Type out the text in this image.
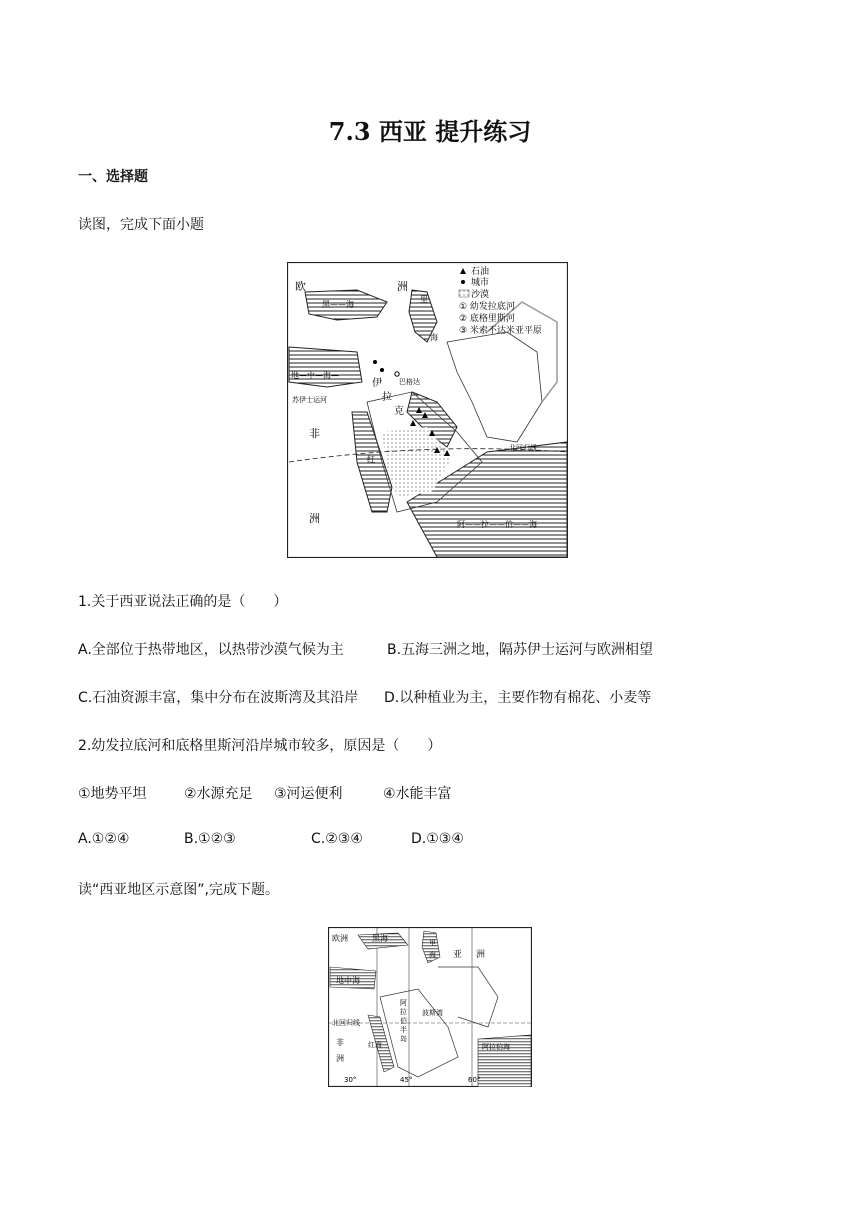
7.3 西亚 提升练习
一、选择题
读图，完成下面小题
石油
城市
沙漠
① 幼发拉底河
② 底格里斯河
③ 米索不达米亚平原
欧	洲
黑——海
里
海
地—中—海—
苏伊士运河
非
洲
红
巴格达
伊
拉
克
北回归线
阿——拉——伯——海
1.关于西亚说法正确的是（　　）
A.全部位于热带地区，以热带沙漠气候为主	B.五海三洲之地，隔苏伊士运河与欧洲相望
C.石油资源丰富，集中分布在波斯湾及其沿岸 D.以种植业为主，主要作物有棉花、小麦等
2.幼发拉底河和底格里斯河沿岸城市较多，原因是（　　）
①地势平坦	②水源充足 ③河运便利	④水能丰富
A.①②④	B.①②③	C.②③④	D.①③④
读“西亚地区示意图”,完成下题。
欧洲	黑海	里
海 亚 洲
地中海
波斯湾
北回归线
阿
拉
伯
半
岛
非
洲
红海	阿拉伯海
30°	45°	60°
